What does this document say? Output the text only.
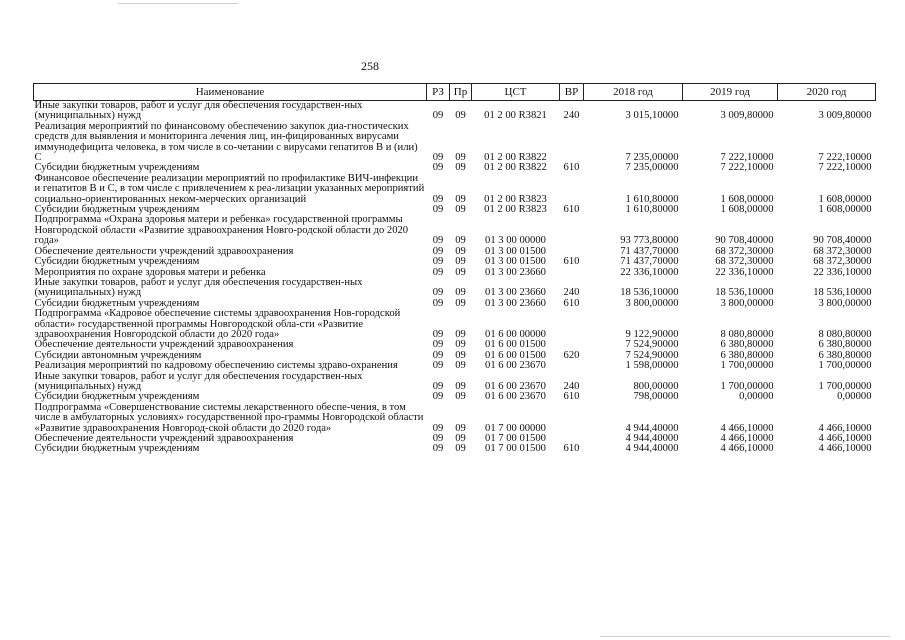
258
Наименование	РЗ	Пр	ЦСТ	ВР	2018 год	2019 год	2020 год
Иные закупки товаров, работ и услуг для обеспечения государствен-ных (муниципальных) нужд	09	09	01 2 00 R3821	240	3 015,10000	3 009,80000	3 009,80000
Реализация мероприятий по финансовому обеспечению закупок диа-гностических средств для выявления и мониторинга лечения лиц, ин-фицированных вирусами иммунодефицита человека, в том числе в со-четании с вирусами гепатитов В и (или) С	09	09	01 2 00 R3822		7 235,00000	7 222,10000	7 222,10000
Субсидии бюджетным учреждениям	09	09	01 2 00 R3822	610	7 235,00000	7 222,10000	7 222,10000
Финансовое обеспечение реализации мероприятий по профилактике ВИЧ-инфекции и гепатитов В и С, в том числе с привлечением к реа-лизации указанных мероприятий социально-ориентированных неком-мерческих организаций	09	09	01 2 00 R3823		1 610,80000	1 608,00000	1 608,00000
Субсидии бюджетным учреждениям	09	09	01 2 00 R3823	610	1 610,80000	1 608,00000	1 608,00000
Подпрограмма «Охрана здоровья матери и ребенка» государственной программы Новгородской области «Развитие здравоохранения Новго-родской области до 2020 года»	09	09	01 3 00 00000		93 773,80000	90 708,40000	90 708,40000
Обеспечение деятельности учреждений здравоохранения	09	09	01 3 00 01500		71 437,70000	68 372,30000	68 372,30000
Субсидии бюджетным учреждениям	09	09	01 3 00 01500	610	71 437,70000	68 372,30000	68 372,30000
Мероприятия по охране здоровья матери и ребенка	09	09	01 3 00 23660		22 336,10000	22 336,10000	22 336,10000
Иные закупки товаров, работ и услуг для обеспечения государствен-ных (муниципальных) нужд	09	09	01 3 00 23660	240	18 536,10000	18 536,10000	18 536,10000
Субсидии бюджетным учреждениям	09	09	01 3 00 23660	610	3 800,00000	3 800,00000	3 800,00000
Подпрограмма «Кадровое обеспечение системы здравоохранения Нов-городской области» государственной программы Новгородской обла-сти «Развитие здравоохранения Новгородской области до 2020 года»	09	09	01 6 00 00000		9 122,90000	8 080,80000	8 080,80000
Обеспечение деятельности учреждений здравоохранения	09	09	01 6 00 01500		7 524,90000	6 380,80000	6 380,80000
Субсидии автономным учреждениям	09	09	01 6 00 01500	620	7 524,90000	6 380,80000	6 380,80000
Реализация мероприятий по кадровому обеспечению системы здраво-охранения	09	09	01 6 00 23670		1 598,00000	1 700,00000	1 700,00000
Иные закупки товаров, работ и услуг для обеспечения государствен-ных (муниципальных) нужд	09	09	01 6 00 23670	240	800,00000	1 700,00000	1 700,00000
Субсидии бюджетным учреждениям	09	09	01 6 00 23670	610	798,00000	0,00000	0,00000
Подпрограмма «Совершенствование системы лекарственного обеспе-чения, в том числе в амбулаторных условиях» государственной про-граммы Новгородской области «Развитие здравоохранения Новгород-ской области до 2020 года»	09	09	01 7 00 00000		4 944,40000	4 466,10000	4 466,10000
Обеспечение деятельности учреждений здравоохранения	09	09	01 7 00 01500		4 944,40000	4 466,10000	4 466,10000
Субсидии бюджетным учреждениям	09	09	01 7 00 01500	610	4 944,40000	4 466,10000	4 466,10000
